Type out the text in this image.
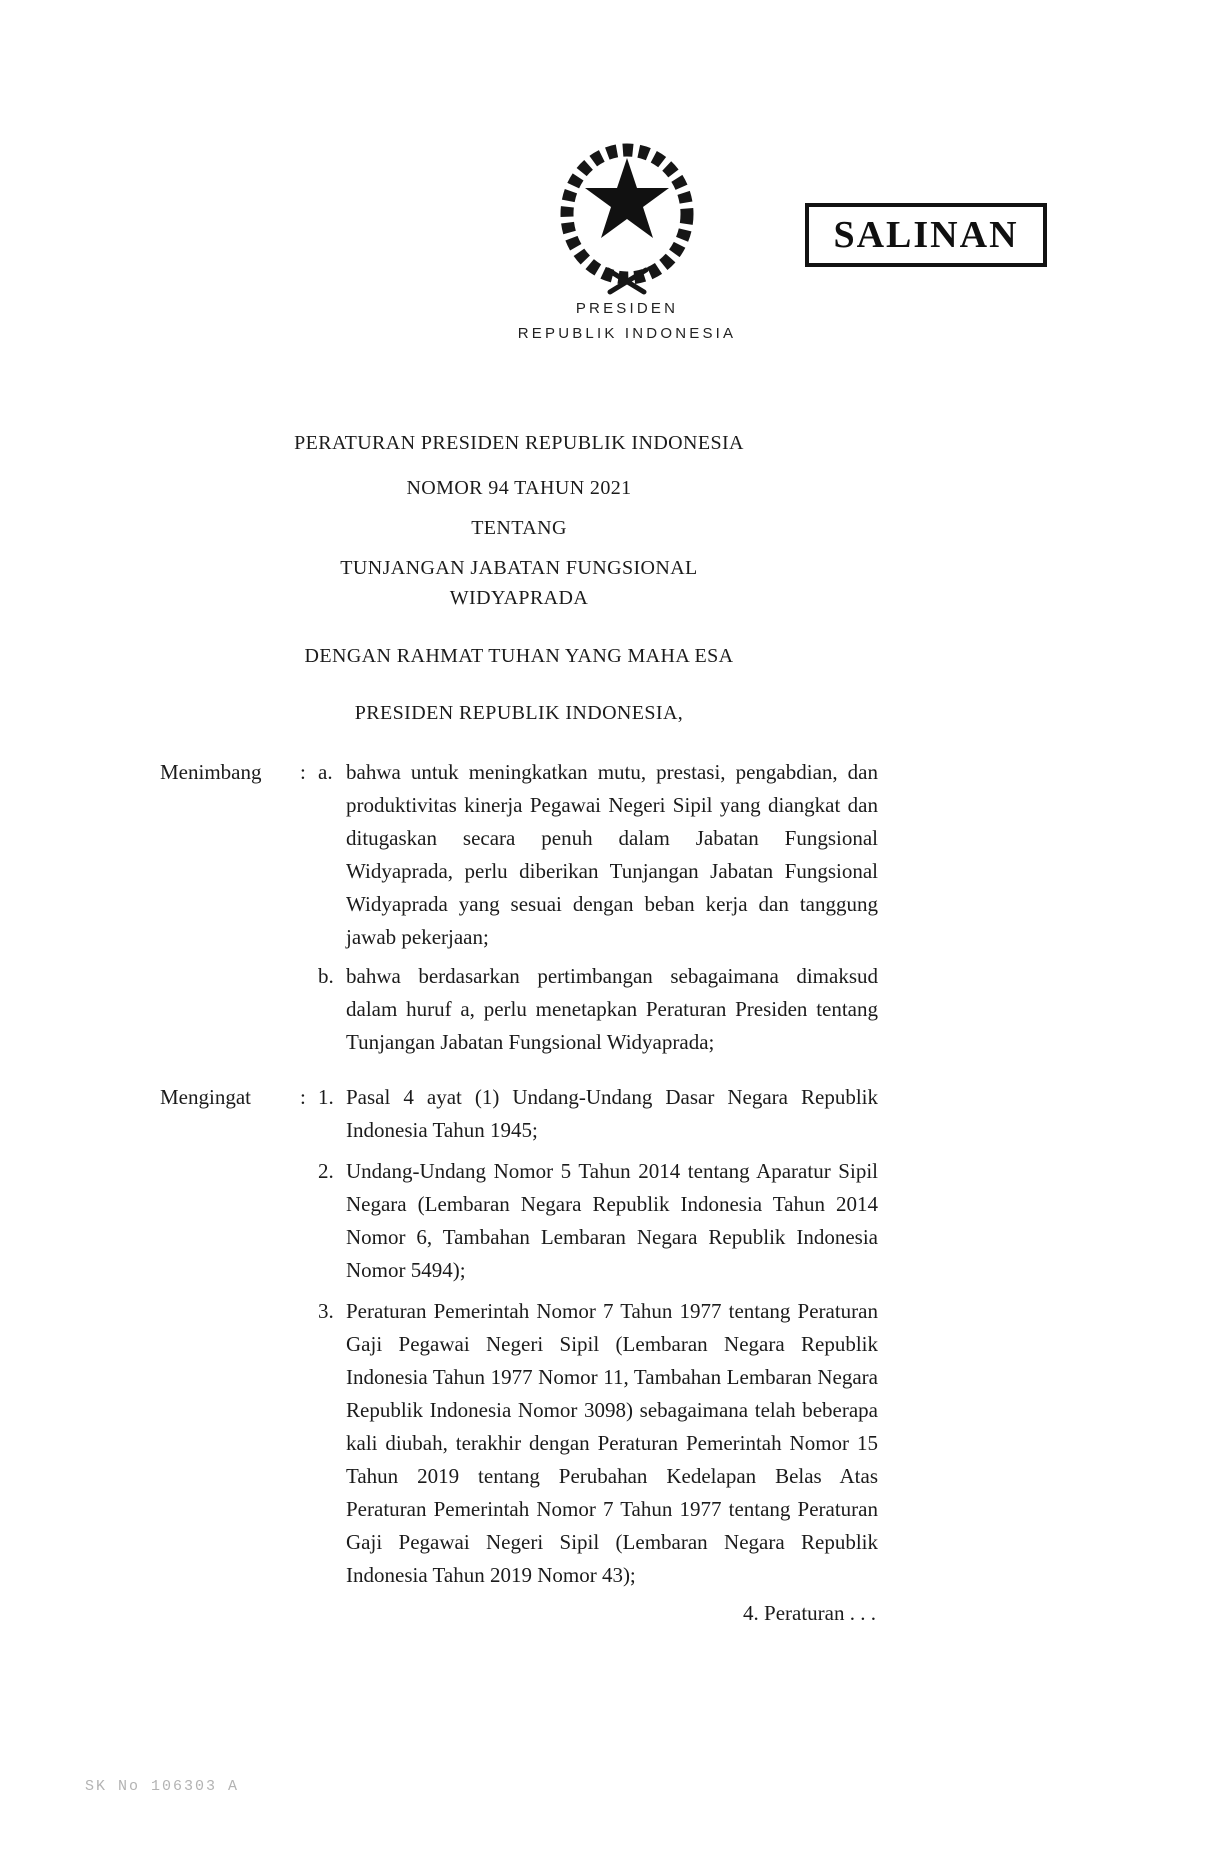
PRESIDEN
REPUBLIK INDONESIA
SALINAN
PERATURAN PRESIDEN REPUBLIK INDONESIA
NOMOR 94 TAHUN 2021
TENTANG
TUNJANGAN JABATAN FUNGSIONAL
WIDYAPRADA
DENGAN RAHMAT TUHAN YANG MAHA ESA
PRESIDEN REPUBLIK INDONESIA,
Menimbang	: a. bahwa untuk meningkatkan mutu, prestasi, pengabdian, dan produktivitas kinerja Pegawai Negeri Sipil yang diangkat dan ditugaskan secara penuh dalam Jabatan Fungsional Widyaprada, perlu diberikan Tunjangan Jabatan Fungsional Widyaprada yang sesuai dengan beban kerja dan tanggung jawab pekerjaan;
b. bahwa berdasarkan pertimbangan sebagaimana dimaksud dalam huruf a, perlu menetapkan Peraturan Presiden tentang Tunjangan Jabatan Fungsional Widyaprada;
Mengingat	: 1. Pasal 4 ayat (1) Undang-Undang Dasar Negara Republik Indonesia Tahun 1945;
2. Undang-Undang Nomor 5 Tahun 2014 tentang Aparatur Sipil Negara (Lembaran Negara Republik Indonesia Tahun 2014 Nomor 6, Tambahan Lembaran Negara Republik Indonesia Nomor 5494);
3. Peraturan Pemerintah Nomor 7 Tahun 1977 tentang Peraturan Gaji Pegawai Negeri Sipil (Lembaran Negara Republik Indonesia Tahun 1977 Nomor 11, Tambahan Lembaran Negara Republik Indonesia Nomor 3098) sebagaimana telah beberapa kali diubah, terakhir dengan Peraturan Pemerintah Nomor 15 Tahun 2019 tentang Perubahan Kedelapan Belas Atas Peraturan Pemerintah Nomor 7 Tahun 1977 tentang Peraturan Gaji Pegawai Negeri Sipil (Lembaran Negara Republik Indonesia Tahun 2019 Nomor 43);
4. Peraturan . . .
SK No 106303 A
